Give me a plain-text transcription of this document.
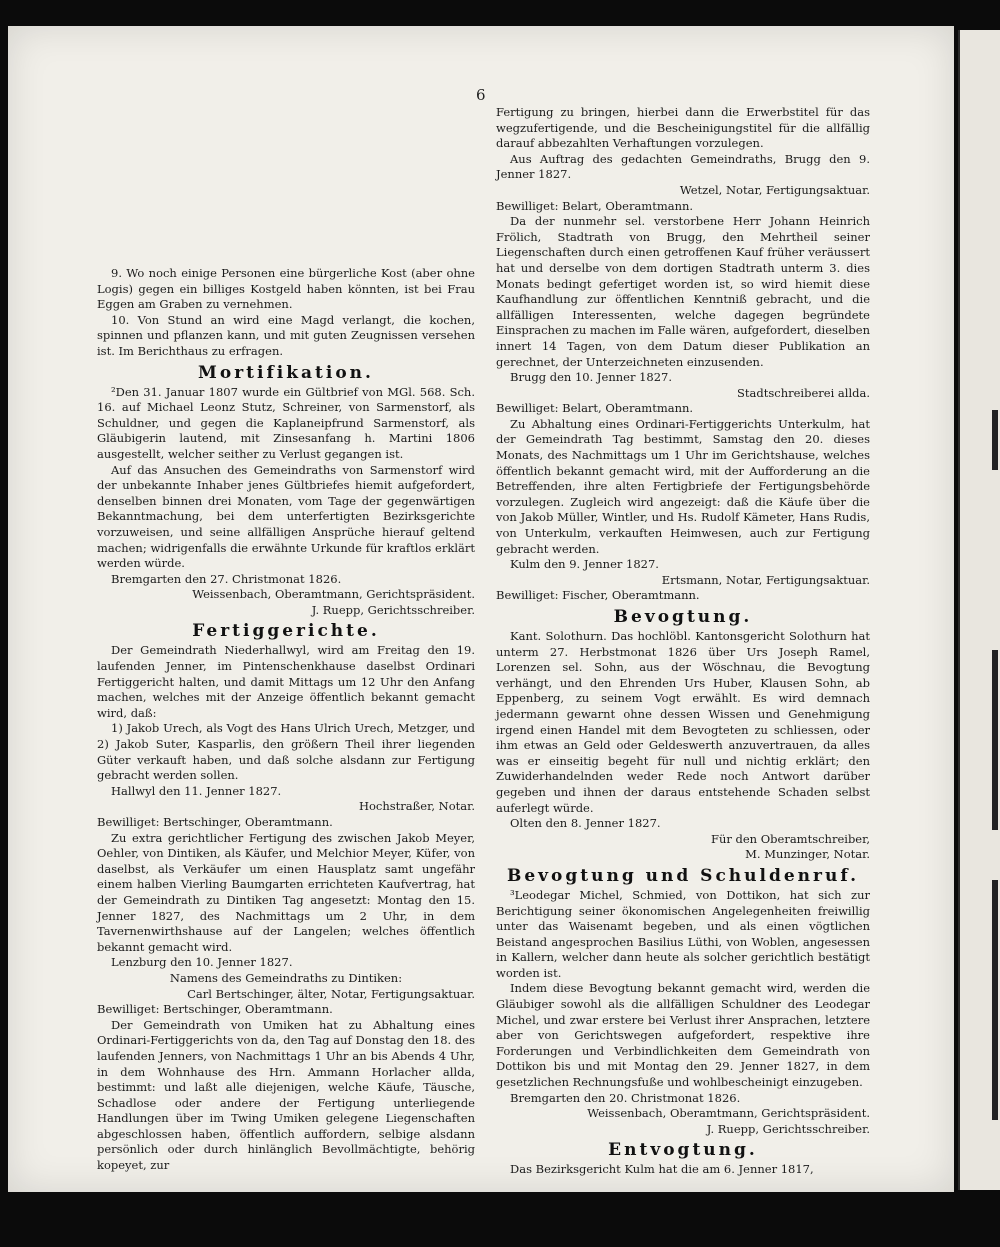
6

9. Wo noch einige Personen eine bürgerliche Kost (aber ohne Logis) gegen ein billiges Kostgeld haben könnten, ist bei Frau Eggen am Graben zu vernehmen.

10. Von Stund an wird eine Magd verlangt, die kochen, spinnen und pflanzen kann, und mit guten Zeugnissen versehen ist. Im Berichthaus zu erfragen.

Mortifikation.

²Den 31. Januar 1807 wurde ein Gültbrief von MGl. 568. Sch. 16. auf Michael Leonz Stutz, Schreiner, von Sarmenstorf, als Schuldner, und gegen die Kaplaneipfrund Sarmenstorf, als Gläubigerin lautend, mit Zinsesanfang h. Martini 1806 ausgestellt, welcher seither zu Verlust gegangen ist.

Auf das Ansuchen des Gemeindraths von Sarmenstorf wird der unbekannte Inhaber jenes Gültbriefes hiemit aufgefordert, denselben binnen drei Monaten, vom Tage der gegenwärtigen Bekanntmachung, bei dem unterfertigten Bezirksgerichte vorzuweisen, und seine allfälligen Ansprüche hierauf geltend machen; widrigenfalls die erwähnte Urkunde für kraftlos erklärt werden würde.

Bremgarten den 27. Christmonat 1826.

Weissenbach, Oberamtmann, Gerichtspräsident.

J. Ruepp, Gerichtsschreiber.

Fertiggerichte.

Der Gemeindrath Niederhallwyl, wird am Freitag den 19. laufenden Jenner, im Pintenschenkhause daselbst Ordinari Fertiggericht halten, und damit Mittags um 12 Uhr den Anfang machen, welches mit der Anzeige öffentlich bekannt gemacht wird, daß:

1) Jakob Urech, als Vogt des Hans Ulrich Urech, Metzger, und 2) Jakob Suter, Kasparlis, den größern Theil ihrer liegenden Güter verkauft haben, und daß solche alsdann zur Fertigung gebracht werden sollen.

Hallwyl den 11. Jenner 1827.

Hochstraßer, Notar.

Bewilliget: Bertschinger, Oberamtmann.

Zu extra gerichtlicher Fertigung des zwischen Jakob Meyer, Oehler, von Dintiken, als Käufer, und Melchior Meyer, Küfer, von daselbst, als Verkäufer um einen Hausplatz samt ungefähr einem halben Vierling Baumgarten errichteten Kaufvertrag, hat der Gemeindrath zu Dintiken Tag angesetzt: Montag den 15. Jenner 1827, des Nachmittags um 2 Uhr, in dem Tavernenwirthshause auf der Langelen; welches öffentlich bekannt gemacht wird.

Lenzburg den 10. Jenner 1827.

Namens des Gemeindraths zu Dintiken:

Carl Bertschinger, älter, Notar, Fertigungsaktuar.

Bewilliget: Bertschinger, Oberamtmann.

Der Gemeindrath von Umiken hat zu Abhaltung eines Ordinari-Fertiggerichts von da, den Tag auf Donstag den 18. des laufenden Jenners, von Nachmittags 1 Uhr an bis Abends 4 Uhr, in dem Wohnhause des Hrn. Ammann Horlacher allda, bestimmt: und laßt alle diejenigen, welche Käufe, Täusche, Schadlose oder andere der Fertigung unterliegende Handlungen über im Twing Umiken gelegene Liegenschaften abgeschlossen haben, öffentlich auffordern, selbige alsdann persönlich oder durch hinlänglich Bevollmächtigte, behörig kopeyet, zur

Fertigung zu bringen, hierbei dann die Erwerbstitel für das wegzufertigende, und die Bescheinigungstitel für die allfällig darauf abbezahlten Verhaftungen vorzulegen.

Aus Auftrag des gedachten Gemeindraths, Brugg den 9. Jenner 1827.

Wetzel, Notar, Fertigungsaktuar.

Bewilliget: Belart, Oberamtmann.

Da der nunmehr sel. verstorbene Herr Johann Heinrich Frölich, Stadtrath von Brugg, den Mehrtheil seiner Liegenschaften durch einen getroffenen Kauf früher veräussert hat und derselbe von dem dortigen Stadtrath unterm 3. dies Monats bedingt gefertiget worden ist, so wird hiemit diese Kaufhandlung zur öffentlichen Kenntniß gebracht, und die allfälligen Interessenten, welche dagegen begründete Einsprachen zu machen im Falle wären, aufgefordert, dieselben innert 14 Tagen, von dem Datum dieser Publikation an gerechnet, der Unterzeichneten einzusenden.

Brugg den 10. Jenner 1827.

Stadtschreiberei allda.

Bewilliget: Belart, Oberamtmann.

Zu Abhaltung eines Ordinari-Fertiggerichts Unterkulm, hat der Gemeindrath Tag bestimmt, Samstag den 20. dieses Monats, des Nachmittags um 1 Uhr im Gerichtshause, welches öffentlich bekannt gemacht wird, mit der Aufforderung an die Betreffenden, ihre alten Fertigbriefe der Fertigungsbehörde vorzulegen. Zugleich wird angezeigt: daß die Käufe über die von Jakob Müller, Wintler, und Hs. Rudolf Kämeter, Hans Rudis, von Unterkulm, verkauften Heimwesen, auch zur Fertigung gebracht werden.

Kulm den 9. Jenner 1827.

Ertsmann, Notar, Fertigungsaktuar.

Bewilliget: Fischer, Oberamtmann.

Bevogtung.

Kant. Solothurn. Das hochlöbl. Kantonsgericht Solothurn hat unterm 27. Herbstmonat 1826 über Urs Joseph Ramel, Lorenzen sel. Sohn, aus der Wöschnau, die Bevogtung verhängt, und den Ehrenden Urs Huber, Klausen Sohn, ab Eppenberg, zu seinem Vogt erwählt. Es wird demnach jedermann gewarnt ohne dessen Wissen und Genehmigung irgend einen Handel mit dem Bevogteten zu schliessen, oder ihm etwas an Geld oder Geldeswerth anzuvertrauen, da alles was er einseitig begeht für null und nichtig erklärt; den Zuwiderhandelnden weder Rede noch Antwort darüber gegeben und ihnen der daraus entstehende Schaden selbst auferlegt würde.

Olten den 8. Jenner 1827.

Für den Oberamtschreiber,

M. Munzinger, Notar.

Bevogtung und Schuldenruf.

³Leodegar Michel, Schmied, von Dottikon, hat sich zur Berichtigung seiner ökonomischen Angelegenheiten freiwillig unter das Waisenamt begeben, und als einen vögtlichen Beistand angesprochen Basilius Lüthi, von Woblen, angesessen in Kallern, welcher dann heute als solcher gerichtlich bestätigt worden ist.

Indem diese Bevogtung bekannt gemacht wird, werden die Gläubiger sowohl als die allfälligen Schuldner des Leodegar Michel, und zwar erstere bei Verlust ihrer Ansprachen, letztere aber von Gerichtswegen aufgefordert, respektive ihre Forderungen und Verbindlichkeiten dem Gemeindrath von Dottikon bis und mit Montag den 29. Jenner 1827, in dem gesetzlichen Rechnungsfuße und wohlbescheinigt einzugeben.

Bremgarten den 20. Christmonat 1826.

Weissenbach, Oberamtmann, Gerichtspräsident.

J. Ruepp, Gerichtsschreiber.

Entvogtung.

Das Bezirksgericht Kulm hat die am 6. Jenner 1817,
